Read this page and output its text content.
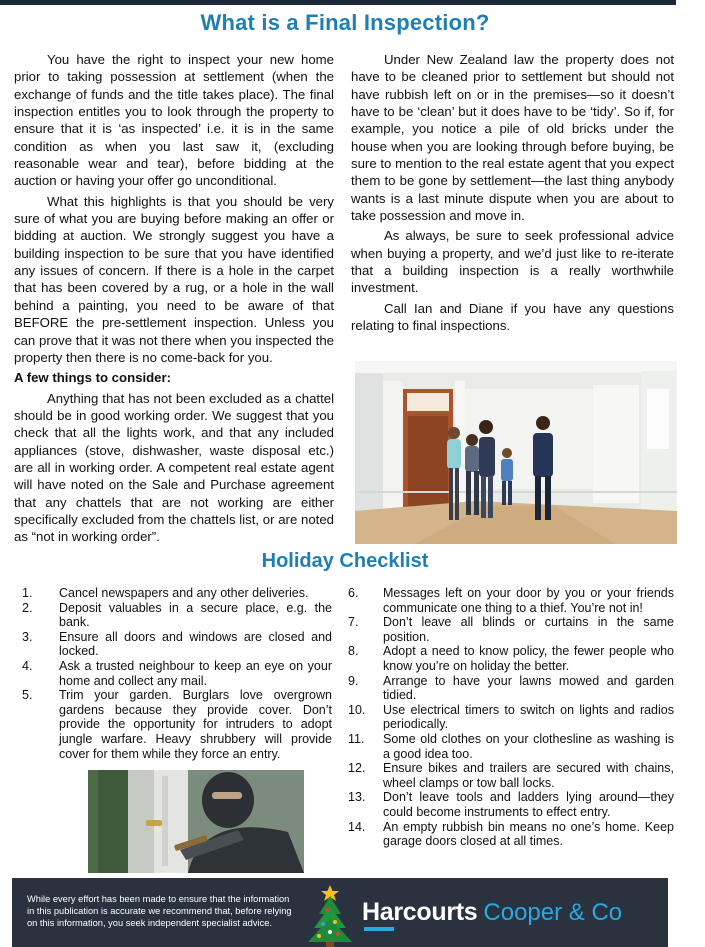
What is a Final Inspection?

You have the right to inspect your new home prior to taking possession at settlement (when the exchange of funds and the title takes place). The final inspection entitles you to look through the property to ensure that it is ‘as inspected’ i.e. it is in the same condition as when you last saw it, (excluding reasonable wear and tear), before bidding at the auction or having your offer go unconditional.

What this highlights is that you should be very sure of what you are buying before making an offer or bidding at auction. We strongly suggest you have a building inspection to be sure that you have identified any issues of concern. If there is a hole in the carpet that has been covered by a rug, or a hole in the wall behind a painting, you need to be aware of that BEFORE the pre-settlement inspection. Unless you can prove that it was not there when you inspected the property then there is no come-back for you.

A few things to consider:

Anything that has not been excluded as a chattel should be in good working order. We suggest that you check that all the lights work, and that any included appliances (stove, dishwasher, waste disposal etc.) are all in working order. A competent real estate agent will have noted on the Sale and Purchase agreement that any chattels that are not working are either specifically excluded from the chattels list, or are noted as “not in working order”.

Under New Zealand law the property does not have to be cleaned prior to settlement but should not have rubbish left on or in the premises—so it doesn’t have to be ‘clean’ but it does have to be ‘tidy’. So if, for example, you notice a pile of old bricks under the house when you are looking through before buying, be sure to mention to the real estate agent that you expect them to be gone by settlement—the last thing anybody wants is a last minute dispute when you are about to take possession and move in.

As always, be sure to seek professional advice when buying a property, and we’d just like to re-iterate that a building inspection is a really worthwhile investment.

Call Ian and Diane if you have any questions relating to final inspections.

Holiday Checklist
1.	Cancel newspapers and any other deliveries.
2.	Deposit valuables in a secure place, e.g. the bank.
3.	Ensure all doors and windows are closed and locked.
4.	Ask a trusted neighbour to keep an eye on your home and collect any mail.
5.	Trim your garden. Burglars love overgrown gardens because they provide cover. Don’t provide the opportunity for intruders to adopt jungle warfare. Heavy shrubbery will provide cover for them while they force an entry.
6.	Messages left on your door by you or your friends communicate one thing to a thief. You’re not in!
7.	Don’t leave all blinds or curtains in the same position.
8.	Adopt a need to know policy, the fewer people who know you’re on holiday the better.
9.	Arrange to have your lawns mowed and garden tidied.
10.	Use electrical timers to switch on lights and radios periodically.
11.	Some old clothes on your clothesline as washing is a good idea too.
12.	Ensure bikes and trailers are secured with chains, wheel clamps or tow ball locks.
13.	Don’t leave tools and ladders lying around—they could become instruments to effect entry.
14.	An empty rubbish bin means no one’s home. Keep garage doors closed at all times.
While every effort has been made to ensure that the information in this publication is accurate we recommend that, before relying on this information, you seek independent specialist advice.	Harcourts Cooper & Co
